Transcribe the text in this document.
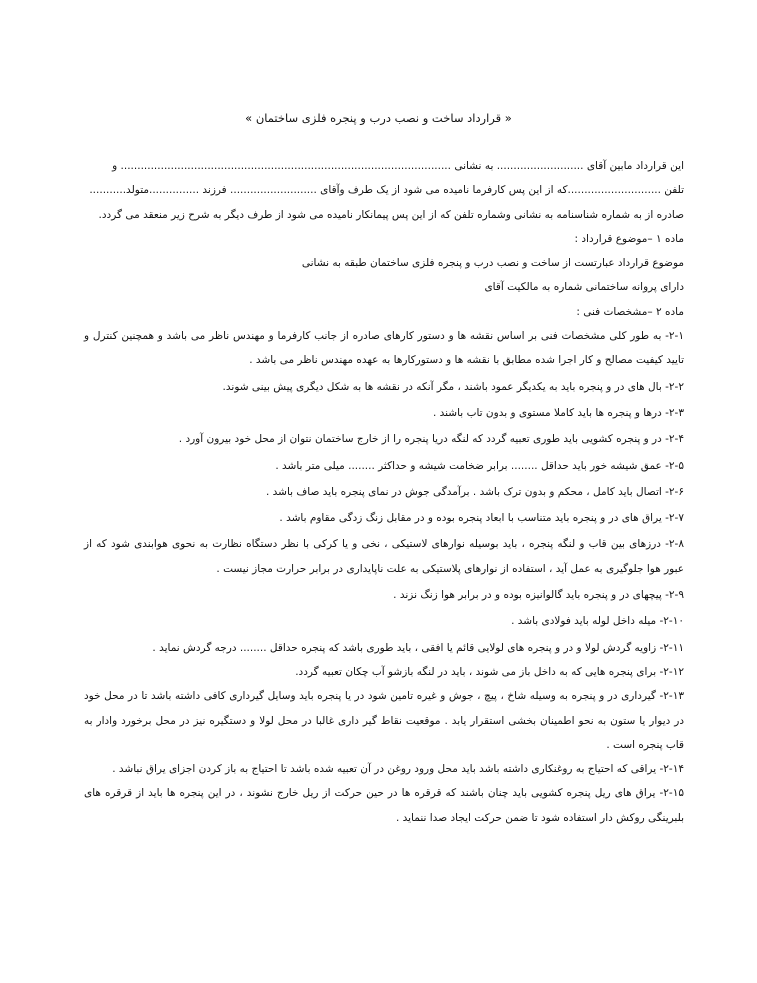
« قرارداد ساخت و نصب درب و پنجره فلزی ساختمان »

این قرارداد مابین آقای .......................... به نشانی ................................................................................................... و

تلفن ............................که از این پس کارفرما نامیده می شود از یک طرف وآقای .......................... فرزند ...............متولد...........

صادره از به شماره شناسنامه به نشانی وشماره تلفن که از این پس پیمانکار نامیده می شود از طرف دیگر به شرح زیر منعقد می گردد.

ماده ۱ –موضوع قرارداد :

موضوع قرارداد عبارتست از ساخت و نصب درب و پنجره فلزی ساختمان طبقه به نشانی

دارای پروانه ساختمانی شماره به مالکیت آقای

ماده ۲ –مشخصات فنی :

۲-۱- به طور کلی مشخصات فنی بر اساس نقشه ها و دستور کارهای صادره از جانب کارفرما و مهندس ناظر می باشد و همچنین کنترل و تایید کیفیت مصالح و کار اجرا شده مطابق با نقشه ها و دستورکارها به عهده مهندس ناظر می باشد .

۲-۲- بال های در و پنجره باید به یکدیگر عمود باشند ، مگر آنکه در نقشه ها به شکل دیگری پیش بینی شوند.

۲-۳- درها و پنجره ها باید کاملا مستوی و بدون تاب باشند .

۲-۴- در و پنجره کشویی باید طوری تعبیه گردد که لنگه دریا پنجره را از خارج ساختمان نتوان از محل خود بیرون آورد .

۲-۵- عمق شیشه خور باید حداقل ........ برابر ضخامت شیشه و حداکثر ........ میلی متر باشد .

۲-۶- اتصال باید کامل ، محکم و بدون ترک باشد . برآمدگی جوش در نمای پنجره باید صاف باشد .

۲-۷- یراق های در و پنجره باید متناسب با ابعاد پنجره بوده و در مقابل زنگ زدگی مقاوم باشد .

۲-۸- درزهای بین قاب و لنگه پنجره ، باید بوسیله نوارهای لاستیکی ، نخی و یا کرکی با نظر دستگاه نظارت به نحوی هوابندی شود که از عبور هوا جلوگیری به عمل آید ، استفاده از نوارهای پلاستیکی به علت ناپایداری در برابر حرارت مجاز نیست .

۲-۹- پیچهای در و پنجره باید گالوانیزه بوده و در برابر هوا زنگ نزند .

۲-۱۰- میله داخل لوله باید فولادی باشد .

۲-۱۱- زاویه گردش لولا و در و پنجره های لولایی قائم یا افقی ، باید طوری باشد که پنجره حداقل ........ درجه گردش نماید .

۲-۱۲- برای پنجره هایی که به داخل باز می شوند ، باید در لنگه بازشو آب چکان تعبیه گردد.

۲-۱۳- گیرداری در و پنجره به وسیله شاخ ، پیچ ، جوش و غیره تامین شود در یا پنجره باید وسایل گیرداری کافی داشته باشد تا در محل خود در دیوار یا ستون به نحو اطمینان بخشی استقرار یابد . موقعیت نقاط گیر داری غالبا در محل لولا و دستگیره نیز در محل برخورد وادار به قاب پنجره است .

۲-۱۴- یراقی که احتیاج به روغنکاری داشته باشد باید محل ورود روغن در آن تعبیه شده باشد تا احتیاج به باز کردن اجزای یراق نباشد .

۲-۱۵- یراق های ریل پنجره کشویی باید چنان باشند که قرقره ها در حین حرکت از ریل خارج نشوند ، در این پنجره ها باید از قرقره های بلبرینگی روکش دار استفاده شود تا ضمن حرکت ایجاد صدا ننماید .
